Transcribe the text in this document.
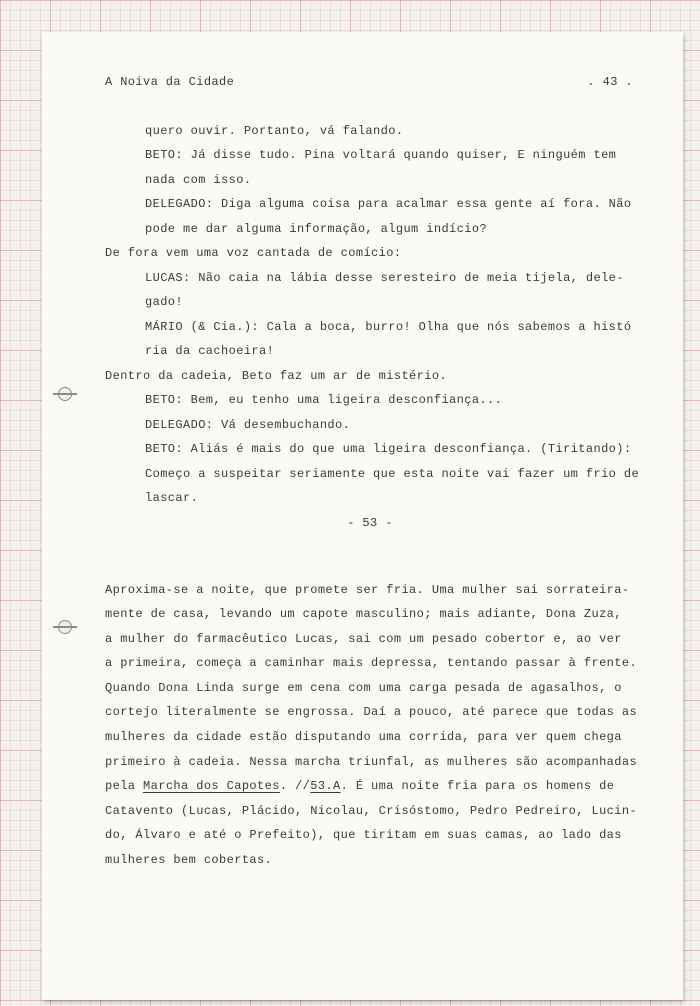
A Noiva da Cidade	. 43 .
quero ouvir. Portanto, vá falando.
BETO: Já disse tudo. Pina voltará quando quiser, E ninguém tem
nada com isso.
DELEGADO: Diga alguma coisa para acalmar essa gente aí fora. Não
pode me dar alguma informação, algum indício?
De fora vem uma voz cantada de comício:
LUCAS: Não caia na lábia desse seresteiro de meia tijela, dele-
gado!
MÁRIO (& Cia.): Cala a boca, burro! Olha que nós sabemos a histó
ria da cachoeira!
Dentro da cadeia, Beto faz um ar de mistério.
BETO: Bem, eu tenho uma ligeira desconfiança...
DELEGADO: Vá desembuchando.
BETO: Aliás é mais do que uma ligeira desconfiança. (Tiritando):
Começo a suspeitar seriamente que esta noite vai fazer um frio de
lascar.
- 53 -
Aproxima-se a noite, que promete ser fria. Uma mulher sai sorrateira-
mente de casa, levando um capote masculino; mais adiante, Dona Zuza,
a mulher do farmacêutico Lucas, sai com um pesado cobertor e, ao ver
a primeira, começa a caminhar mais depressa, tentando passar à frente.
Quando Dona Linda surge em cena com uma carga pesada de agasalhos, o
cortejo literalmente se engrossa. Daí a pouco, até parece que todas as
mulheres da cidade estão disputando uma corrida, para ver quem chega
primeiro à cadeia. Nessa marcha triunfal, as mulheres são acompanhadas
pela Marcha dos Capotes. //53.A. É uma noite fria para os homens de
Catavento (Lucas, Plácido, Nicolau, Crisóstomo, Pedro Pedreiro, Lucin-
do, Álvaro e até o Prefeito), que tiritam em suas camas, ao lado das
mulheres bem cobertas.
